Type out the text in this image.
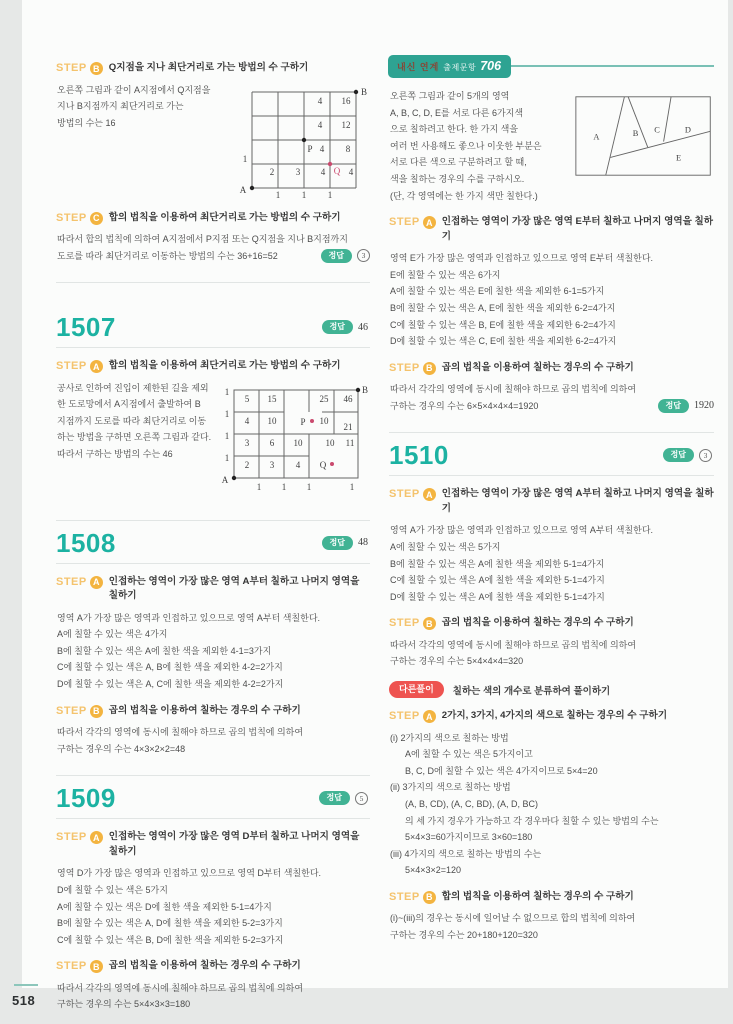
STEP B Q지점을 지나 최단거리로 가는 방법의 수 구하기
오른쪽 그림과 같이 A지점에서 Q지점을
지나 B지점까지 최단거리로 가는
방법의 수는 16
4 16
4 12
4 8
1
2 3 4	4
1 1 1
A
B
P
Q
STEP C 합의 법칙을 이용하여 최단거리로 가는 방법의 수 구하기
따라서 합의 법칙에 의하여 A지점에서 P지점 또는 Q지점을 지나 B지점까지
도로를 따라 최단거리로 이동하는 방법의 수는 36+16=52	정답	3
1507	정답	46
STEP A 합의 법칙을 이용하여 최단거리로 가는 방법의 수 구하기
공사로 인하여 진입이 제한된 길을 제외
한 도로망에서 A지점에서 출발하여 B
지점까지 도로를 따라 최단거리로 이동
하는 방법을 구하면 오른쪽 그림과 같다.
따라서 구하는 방법의 수는 46
1
1
1
1
5 15	25 46
4 10	10
21
3 6 10	10 11
2 3 4
1 1 1	1
A
B
P
Q
1508	정답	48
STEP A 인접하는 영역이 가장 많은 영역 A부터 칠하고 나머지 영역을 칠하기
영역 A가 가장 많은 영역과 인접하고 있으므로 영역 A부터 색칠한다.
A에 칠할 수 있는 색은 4가지
B에 칠할 수 있는 색은 A에 칠한 색을 제외한 4-1=3가지
C에 칠할 수 있는 색은 A, B에 칠한 색을 제외한 4-2=2가지
D에 칠할 수 있는 색은 A, C에 칠한 색을 제외한 4-2=2가지
STEP B 곱의 법칙을 이용하여 칠하는 경우의 수 구하기
따라서 각각의 영역에 동시에 칠해야 하므로 곱의 법칙에 의하여
구하는 경우의 수는 4×3×2×2=48
1509	정답	5
STEP A 인접하는 영역이 가장 많은 영역 D부터 칠하고 나머지 영역을 칠하기
영역 D가 가장 많은 영역과 인접하고 있으므로 영역 D부터 색칠한다.
D에 칠할 수 있는 색은 5가지
A에 칠할 수 있는 색은 D에 칠한 색을 제외한 5-1=4가지
B에 칠할 수 있는 색은 A, D에 칠한 색을 제외한 5-2=3가지
C에 칠할 수 있는 색은 B, D에 칠한 색을 제외한 5-2=3가지
STEP B 곱의 법칙을 이용하여 칠하는 경우의 수 구하기
따라서 각각의 영역에 동시에 칠해야 하므로 곱의 법칙에 의하여
구하는 경우의 수는 5×4×3×3=180
내신 연계 출제문항 706
오른쪽 그림과 같이 5개의 영역
A, B, C, D, E를 서로 다른 6가지색
으로 칠하려고 한다. 한 가지 색을
여러 번 사용해도 좋으나 이웃한 부분은
서로 다른 색으로 구분하려고 할 때,
색을 칠하는 경우의 수를 구하시오.
(단, 각 영역에는 한 가지 색만 칠한다.)
A	B C	D
E
STEP A 인접하는 영역이 가장 많은 영역 E부터 칠하고 나머지 영역을 칠하기
영역 E가 가장 많은 영역과 인접하고 있으므로 영역 E부터 색칠한다.
E에 칠할 수 있는 색은 6가지
A에 칠할 수 있는 색은 E에 칠한 색을 제외한 6-1=5가지
B에 칠할 수 있는 색은 A, E에 칠한 색을 제외한 6-2=4가지
C에 칠할 수 있는 색은 B, E에 칠한 색을 제외한 6-2=4가지
D에 칠할 수 있는 색은 C, E에 칠한 색을 제외한 6-2=4가지
STEP B 곱의 법칙을 이용하여 칠하는 경우의 수 구하기
따라서 각각의 영역에 동시에 칠해야 하므로 곱의 법칙에 의하여
구하는 경우의 수는 6×5×4×4×4=1920	정답	1920
1510	정답	3
STEP A 인접하는 영역이 가장 많은 영역 A부터 칠하고 나머지 영역을 칠하기
영역 A가 가장 많은 영역과 인접하고 있으므로 영역 A부터 색칠한다.
A에 칠할 수 있는 색은 5가지
B에 칠할 수 있는 색은 A에 칠한 색을 제외한 5-1=4가지
C에 칠할 수 있는 색은 A에 칠한 색을 제외한 5-1=4가지
D에 칠할 수 있는 색은 A에 칠한 색을 제외한 5-1=4가지
STEP B 곱의 법칙을 이용하여 칠하는 경우의 수 구하기
따라서 각각의 영역에 동시에 칠해야 하므로 곱의 법칙에 의하여
구하는 경우의 수는 5×4×4×4=320
다른풀이	칠하는 색의 개수로 분류하여 풀이하기
STEP A 2가지, 3가지, 4가지의 색으로 칠하는 경우의 수 구하기
(i) 2가지의 색으로 칠하는 방법
A에 칠할 수 있는 색은 5가지이고
B, C, D에 칠할 수 있는 색은 4가지이므로 5×4=20
(ii) 3가지의 색으로 칠하는 방법
(A, B, CD), (A, C, BD), (A, D, BC)
의 세 가지 경우가 가능하고 각 경우마다 칠할 수 있는 방법의 수는
5×4×3=60가지이므로 3×60=180
(iii) 4가지의 색으로 칠하는 방법의 수는
5×4×3×2=120
STEP B 합의 법칙을 이용하여 칠하는 경우의 수 구하기
(i)~(iii)의 경우는 동시에 일어날 수 없으므로 합의 법칙에 의하여
구하는 경우의 수는 20+180+120=320
518
